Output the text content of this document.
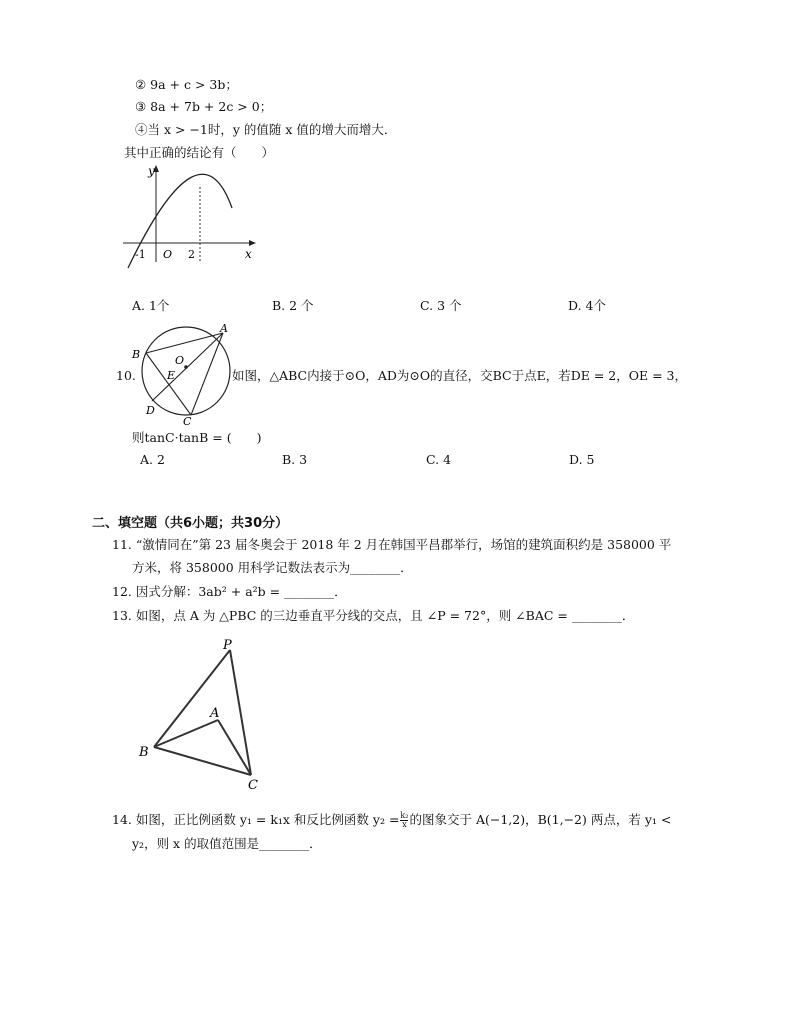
② 9a + c > 3b；
③ 8a + 7b + 2c > 0；
④当 x > −1时，y 的值随 x 值的增大而增大．
其中正确的结论有（　　）
y
x
-1 O 2
A. 1个	B. 2 个	C. 3 个	D. 4个
10.
A
B	O
E
D
C
如图，△ABC内接于⊙O，AD为⊙O的直径，交BC于点E，若DE = 2，OE = 3，
则tanC·tanB = (　　)
A. 2	B. 3	C. 4	D. 5
二、填空题（共6小题；共30分）
11. “激情同在”第 23 届冬奥会于 2018 年 2 月在韩国平昌郡举行，场馆的建筑面积约是 358000 平
方米，将 358000 用科学记数法表示为________．
12. 因式分解：3ab² + a²b = ________．
13. 如图，点 A 为 △PBC 的三边垂直平分线的交点，且 ∠P = 72°，则 ∠BAC = ________．
P
A
B
C
14. 如图，正比例函数 y₁ = k₁x 和反比例函数 $y_2 = \frac{\text{k₂}}{x}$ 的图象交于 A(−1,2)，B(1,−2) 两点，若 y₁ <
y₂，则 x 的取值范围是________．
